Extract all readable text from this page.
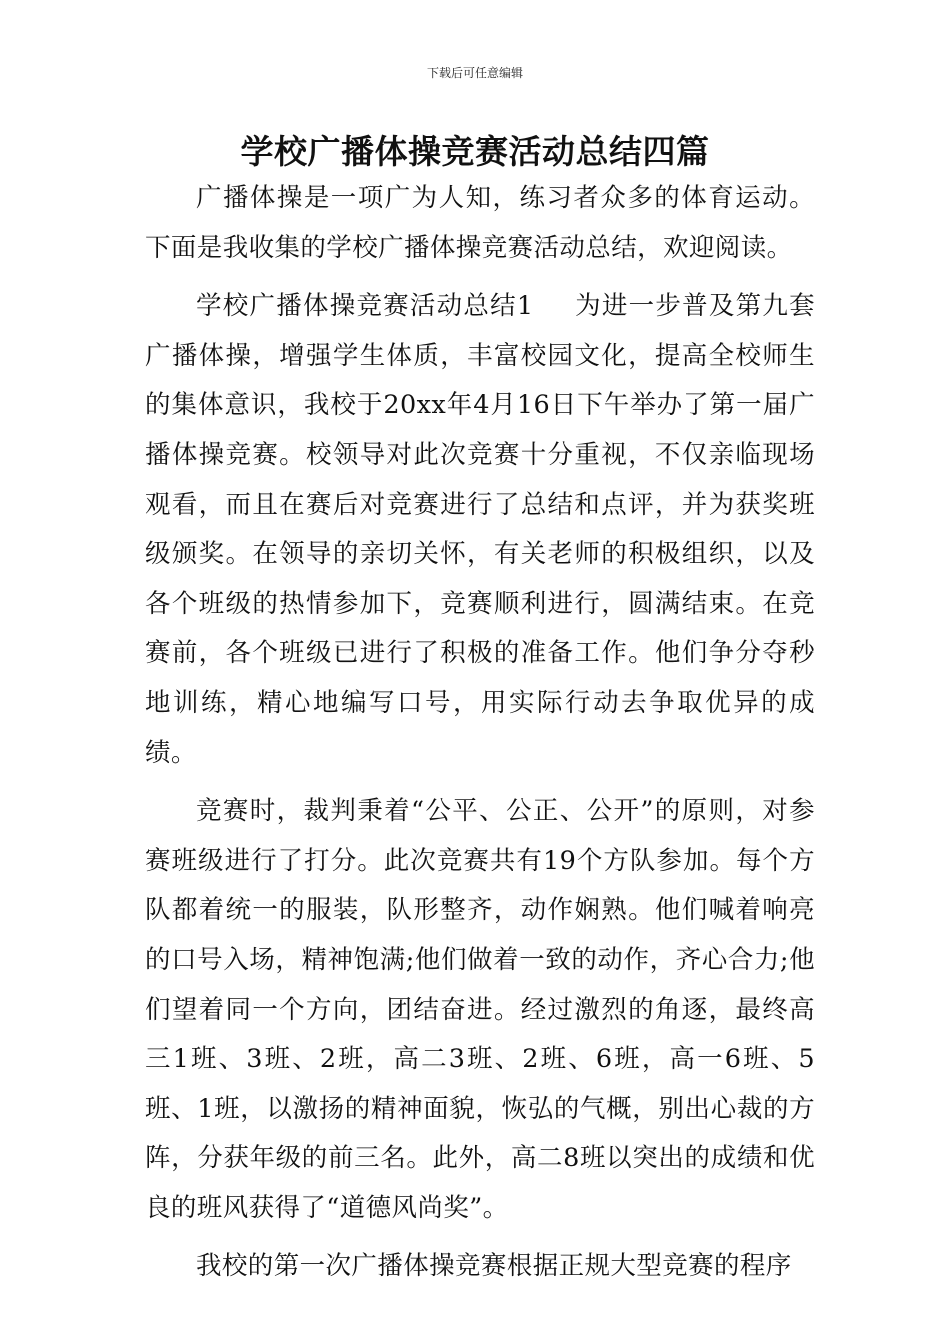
下载后可任意编辑
学校广播体操竞赛活动总结四篇

广播体操是一项广为人知，练习者众多的体育运动。下面是我收集的学校广播体操竞赛活动总结，欢迎阅读。

学校广播体操竞赛活动总结1 为进一步普及第九套广播体操，增强学生体质，丰富校园文化，提高全校师生的集体意识，我校于20xx年4月16日下午举办了第一届广播体操竞赛。校领导对此次竞赛十分重视，不仅亲临现场观看，而且在赛后对竞赛进行了总结和点评，并为获奖班级颁奖。在领导的亲切关怀，有关老师的积极组织，以及各个班级的热情参加下，竞赛顺利进行，圆满结束。在竞赛前，各个班级已进行了积极的准备工作。他们争分夺秒地训练，精心地编写口号，用实际行动去争取优异的成绩。

竞赛时，裁判秉着“公平、公正、公开”的原则，对参赛班级进行了打分。此次竞赛共有19个方队参加。每个方队都着统一的服装，队形整齐，动作娴熟。他们喊着响亮的口号入场，精神饱满;他们做着一致的动作，齐心合力;他们望着同一个方向，团结奋进。经过激烈的角逐，最终高三1班、3班、2班，高二3班、2班、6班，高一6班、5班、1班，以激扬的精神面貌，恢弘的气概，别出心裁的方阵，分获年级的前三名。此外，高二8班以突出的成绩和优良的班风获得了“道德风尚奖”。

我校的第一次广播体操竞赛根据正规大型竞赛的程序
